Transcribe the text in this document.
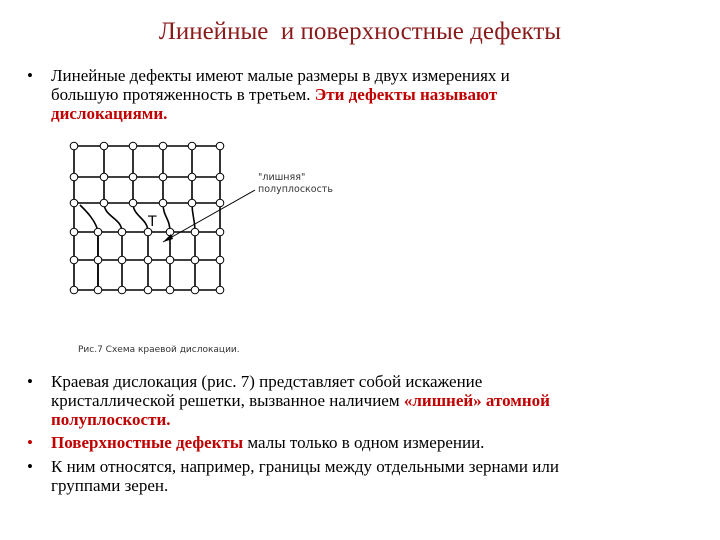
Линейные  и поверхностные дефекты
• Линейные дефекты имеют малые размеры в двух измерениях и
большую протяженность в третьем. Эти дефекты называют
дислокациями.
T
"лишняя"
полуплоскость
Рис.7 Схема краевой дислокации.
• Краевая дислокация (рис. 7) представляет собой искажение
кристаллической решетки, вызванное наличием «лишней» атомной
полуплоскости.
• Поверхностные дефекты малы только в одном измерении.
• К ним относятся, например, границы между отдельными зернами или
группами зерен.
